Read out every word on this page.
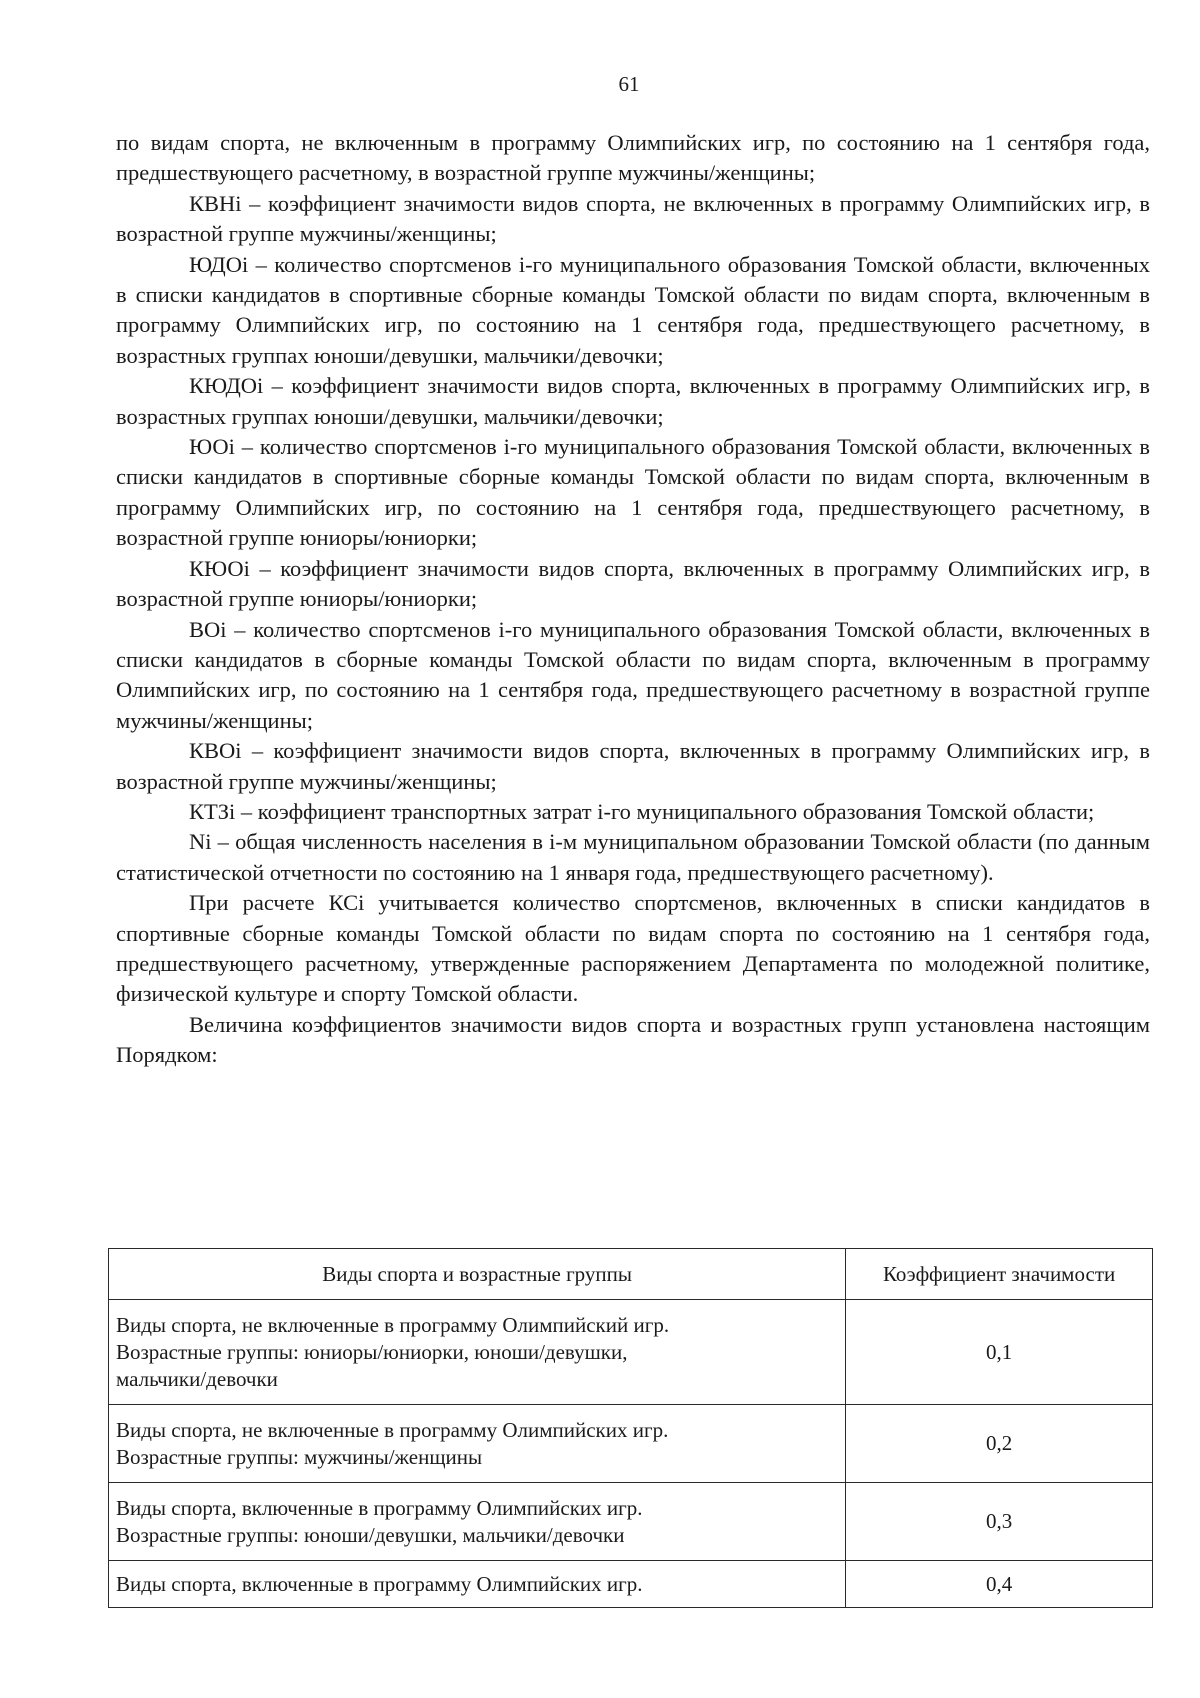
61

по видам спорта, не включенным в программу Олимпийских игр, по состоянию на 1 сентября года, предшествующего расчетному, в возрастной группе мужчины/женщины;

КВНi – коэффициент значимости видов спорта, не включенных в программу Олимпийских игр, в возрастной группе мужчины/женщины;

ЮДОi – количество спортсменов i-го муниципального образования Томской области, включенных в списки кандидатов в спортивные сборные команды Томской области по видам спорта, включенным в программу Олимпийских игр, по состоянию на 1 сентября года, предшествующего расчетному, в возрастных группах юноши/девушки, мальчики/девочки;

КЮДОi – коэффициент значимости видов спорта, включенных в программу Олимпийских игр, в возрастных группах юноши/девушки, мальчики/девочки;

ЮОi – количество спортсменов i-го муниципального образования Томской области, включенных в списки кандидатов в спортивные сборные команды Томской области по видам спорта, включенным в программу Олимпийских игр, по состоянию на 1 сентября года, предшествующего расчетному, в возрастной группе юниоры/юниорки;

КЮОi – коэффициент значимости видов спорта, включенных в программу Олимпийских игр, в возрастной группе юниоры/юниорки;

ВОi – количество спортсменов i-го муниципального образования Томской области, включенных в списки кандидатов в сборные команды Томской области по видам спорта, включенным в программу Олимпийских игр, по состоянию на 1 сентября года, предшествующего расчетному в возрастной группе мужчины/женщины;

КВОi – коэффициент значимости видов спорта, включенных в программу Олимпийских игр, в возрастной группе мужчины/женщины;

КТЗi – коэффициент транспортных затрат i-го муниципального образования Томской области;

Ni – общая численность населения в i-м муниципальном образовании Томской области (по данным статистической отчетности по состоянию на 1 января года, предшествующего расчетному).

При расчете КСi учитывается количество спортсменов, включенных в списки кандидатов в спортивные сборные команды Томской области по видам спорта по состоянию на 1 сентября года, предшествующего расчетному, утвержденные распоряжением Департамента по молодежной политике, физической культуре и спорту Томской области.

Величина коэффициентов значимости видов спорта и возрастных групп установлена настоящим Порядком:

Виды спорта и возрастные группы	Коэффициент значимости

Виды спорта, не включенные в программу Олимпийский игр.
Возрастные группы: юниоры/юниорки, юноши/девушки,
мальчики/девочки	0,1

Виды спорта, не включенные в программу Олимпийских игр.
Возрастные группы: мужчины/женщины	0,2

Виды спорта, включенные в программу Олимпийских игр.
Возрастные группы: юноши/девушки, мальчики/девочки	0,3

Виды спорта, включенные в программу Олимпийских игр.	0,4
